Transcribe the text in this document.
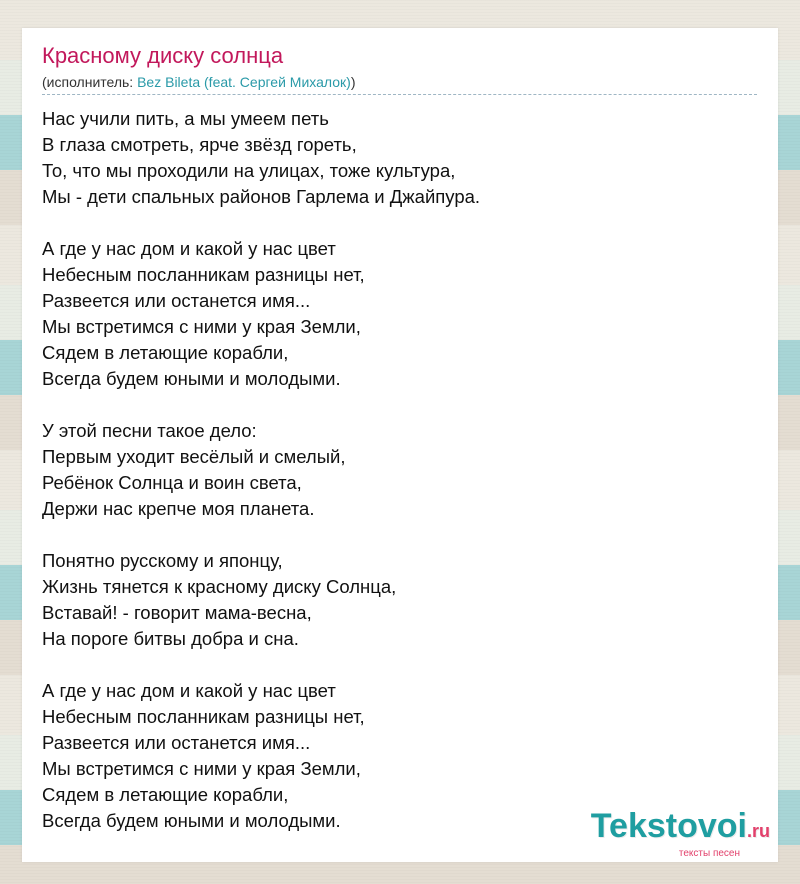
Красному диску солнца
(исполнитель: Bez Bileta (feat. Сергей Михалок))
Нас учили пить, а мы умеем петь
В глаза смотреть, ярче звёзд гореть,
То, что мы проходили на улицах, тоже культура,
Мы - дети спальных районов Гарлема и Джайпура.
А где у нас дом и какой у нас цвет
Небесным посланникам разницы нет,
Развеется или останется имя...
Мы встретимся с ними у края Земли,
Сядем в летающие корабли,
Всегда будем юными и молодыми.
У этой песни такое дело:
Первым уходит весёлый и смелый,
Ребёнок Солнца и воин света,
Держи нас крепче моя планета.
Понятно русскому и японцу,
Жизнь тянется к красному диску Солнца,
Вставай! - говорит мама-весна,
На пороге битвы добра и сна.
А где у нас дом и какой у нас цвет
Небесным посланникам разницы нет,
Развеется или останется имя...
Мы встретимся с ними у края Земли,
Сядем в летающие корабли,
Всегда будем юными и молодыми.	Tekstovoi.ru
тексты песен
